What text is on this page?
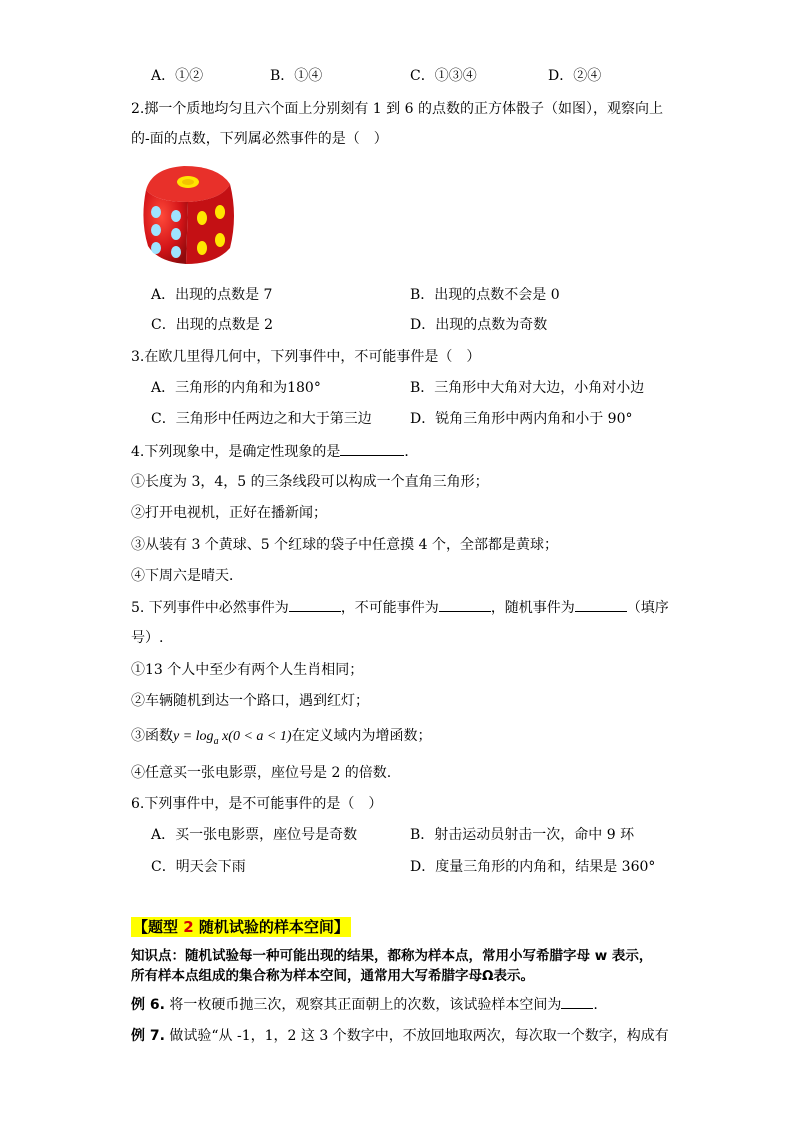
A．①②	B．①④	C．①③④	D．②④
2.掷一个质地均匀且六个面上分别刻有 1 到 6 的点数的正方体骰子（如图），观察向上
的-面的点数，下列属必然事件的是（　）
A．出现的点数是 7	B．出现的点数不会是 0
C．出现的点数是 2	D．出现的点数为奇数
3.在欧几里得几何中，下列事件中，不可能事件是（　）
A．三角形的内角和为180°	B．三角形中大角对大边，小角对小边
C．三角形中任两边之和大于第三边	D．锐角三角形中两内角和小于 90°
4.下列现象中，是确定性现象的是	．
①长度为 3，4，5 的三条线段可以构成一个直角三角形；
②打开电视机，正好在播新闻；
③从装有 3 个黄球、5 个红球的袋子中任意摸 4 个，全部都是黄球；
④下周六是晴天．
5. 下列事件中必然事件为	，不可能事件为	，随机事件为	（填序
号）.
①13 个人中至少有两个人生肖相同；
②车辆随机到达一个路口，遇到红灯；
③函数$y = \log_a x(0 < a < 1)$在定义域内为增函数；
④任意买一张电影票，座位号是 2 的倍数.
6.下列事件中，是不可能事件的是（　）
A．买一张电影票，座位号是奇数	B．射击运动员射击一次，命中 9 环
C．明天会下雨	D．度量三角形的内角和，结果是 360°
【题型 2 随机试验的样本空间】
知识点：随机试验每一种可能出现的结果，都称为样本点，常用小写希腊字母 w 表示，
所有样本点组成的集合称为样本空间，通常用大写希腊字母Ω表示。
例 6. 将一枚硬币抛三次，观察其正面朝上的次数，该试验样本空间为 .
例 7. 做试验“从 -1，1，2 这 3 个数字中，不放回地取两次，每次取一个数字，构成有
